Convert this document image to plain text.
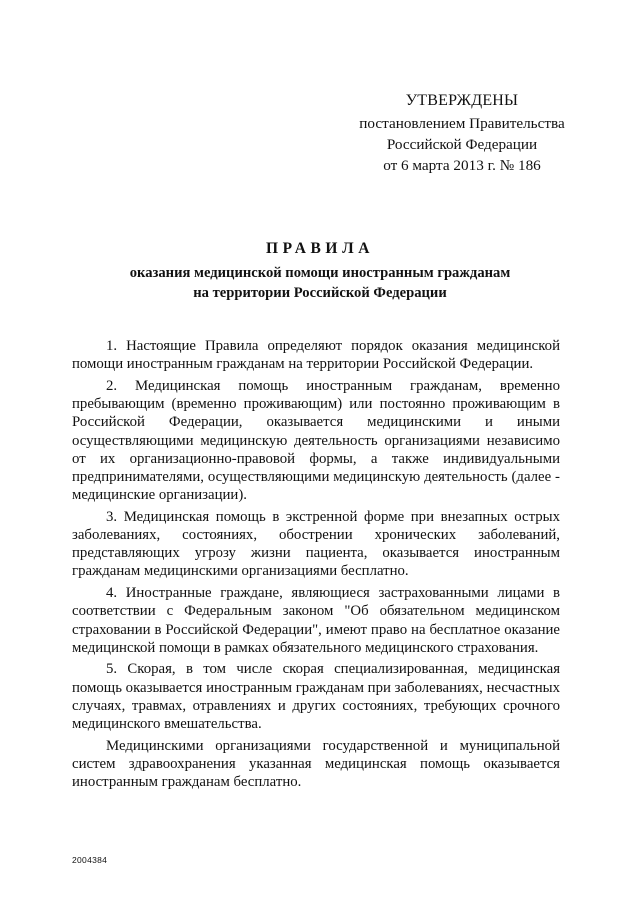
УТВЕРЖДЕНЫ
постановлением Правительства
Российской Федерации
от 6 марта 2013 г. № 186
ПРАВИЛА
оказания медицинской помощи иностранным гражданам
на территории Российской Федерации

1. Настоящие Правила определяют порядок оказания медицинской помощи иностранным гражданам на территории Российской Федерации.

2. Медицинская помощь иностранным гражданам, временно пребывающим (временно проживающим) или постоянно проживающим в Российской Федерации, оказывается медицинскими и иными осуществляющими медицинскую деятельность организациями независимо от их организационно-правовой формы, а также индивидуальными предпринимателями, осуществляющими медицинскую деятельность (далее - медицинские организации).

3. Медицинская помощь в экстренной форме при внезапных острых заболеваниях, состояниях, обострении хронических заболеваний, представляющих угрозу жизни пациента, оказывается иностранным гражданам медицинскими организациями бесплатно.

4. Иностранные граждане, являющиеся застрахованными лицами в соответствии с Федеральным законом "Об обязательном медицинском страховании в Российской Федерации", имеют право на бесплатное оказание медицинской помощи в рамках обязательного медицинского страхования.

5. Скорая, в том числе скорая специализированная, медицинская помощь оказывается иностранным гражданам при заболеваниях, несчастных случаях, травмах, отравлениях и других состояниях, требующих срочного медицинского вмешательства.

Медицинскими организациями государственной и муниципальной систем здравоохранения указанная медицинская помощь оказывается иностранным гражданам бесплатно.

2004384
